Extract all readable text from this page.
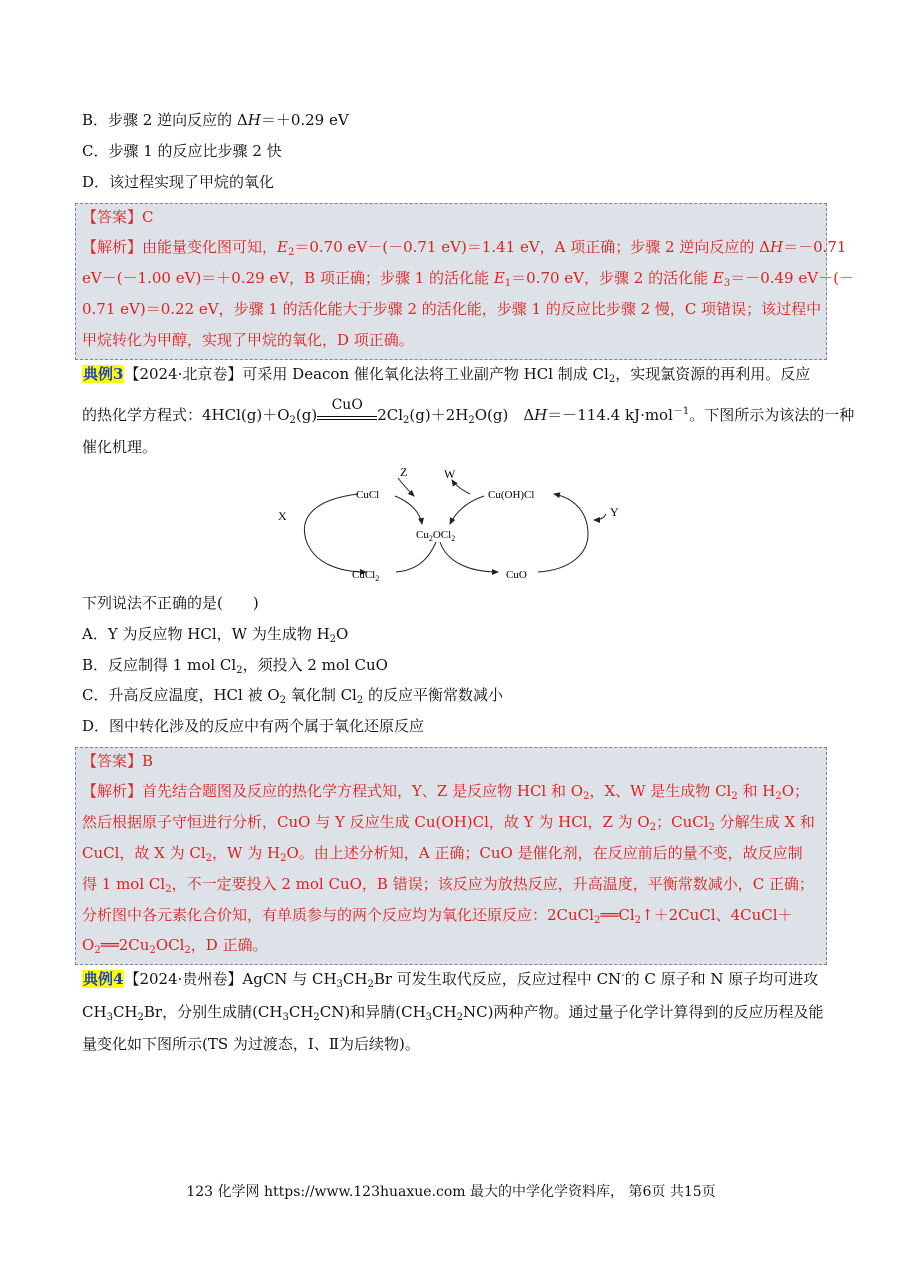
B．步骤 2 逆向反应的 ΔH＝＋0.29 eV
C．步骤 1 的反应比步骤 2 快
D．该过程实现了甲烷的氧化
【答案】C
【解析】由能量变化图可知，$E_2=0.70$ eV－(－0.71 eV)＝1.41 eV，A 项正确；步骤 2 逆向反应的 ΔH＝－0.71
eV－(－1.00 eV)＝＋0.29 eV，B 项正确；步骤 1 的活化能 $E_1=0.70$ eV，步骤 2 的活化能 $E_3=-0.49$ eV－(－
0.71 eV)＝0.22 eV，步骤 1 的活化能大于步骤 2 的活化能，步骤 1 的反应比步骤 2 慢，C 项错误；该过程中
甲烷转化为甲醇，实现了甲烷的氧化，D 项正确。
典例3【2024·北京卷】可采用 Deacon 催化氧化法将工业副产物 HCl 制成 $Cl_2$，实现氯资源的再利用。反应
的热化学方程式：$4HCl(g)+O_2(g)$
CuO
$2Cl_2(g)+2H_2O(g)$　ΔH＝－114.4 kJ·mol$^{-1}$。下图所示为该法的一种
催化机理。
Z	W
X	Y
CuCl	Cu(OH)Cl
$Cu_2OCl_2$
CuCl$_2$	CuO
下列说法不正确的是(　　)
A．Y 为反应物 HCl，W 为生成物 $H_2O$
B．反应制得 1 mol $Cl_2$，须投入 2 mol CuO
C．升高反应温度，HCl 被 $O_2$ 氧化制 $Cl_2$ 的反应平衡常数减小
D．图中转化涉及的反应中有两个属于氧化还原反应
【答案】B
【解析】首先结合题图及反应的热化学方程式知，Y、Z 是反应物 HCl 和 $O_2$，X、W 是生成物 $Cl_2$ 和 $H_2O$；
然后根据原子守恒进行分析，CuO 与 Y 反应生成 Cu(OH)Cl，故 Y 为 HCl，Z 为 $O_2$；CuCl$_2$ 分解生成 X 和
CuCl，故 X 为 $Cl_2$，W 为 $H_2O$。由上述分析知，A 正确；CuO 是催化剂，在反应前后的量不变，故反应制
得 1 mol $Cl_2$，不一定要投入 2 mol CuO，B 错误；该反应为放热反应，升高温度，平衡常数减小，C 正确；
分析图中各元素化合价知，有单质参与的两个反应均为氧化还原反应：$2CuCl_2══Cl_2↑+2CuCl$、4CuCl＋
$O_2══2Cu_2OCl_2$，D 正确。
典例4【2024·贵州卷】AgCN 与 $CH_3CH_2Br$ 可发生取代反应，反应过程中 CN-的 C 原子和 N 原子均可进攻
$CH_3CH_2Br$，分别生成腈$(CH_3CH_2CN)$和异腈$(CH_3CH_2NC)$两种产物。通过量子化学计算得到的反应历程及能
量变化如下图所示(TS 为过渡态，Ⅰ、Ⅱ为后续物)。
123 化学网 https://www.123huaxue.com 最大的中学化学资料库， 第6页 共15页
